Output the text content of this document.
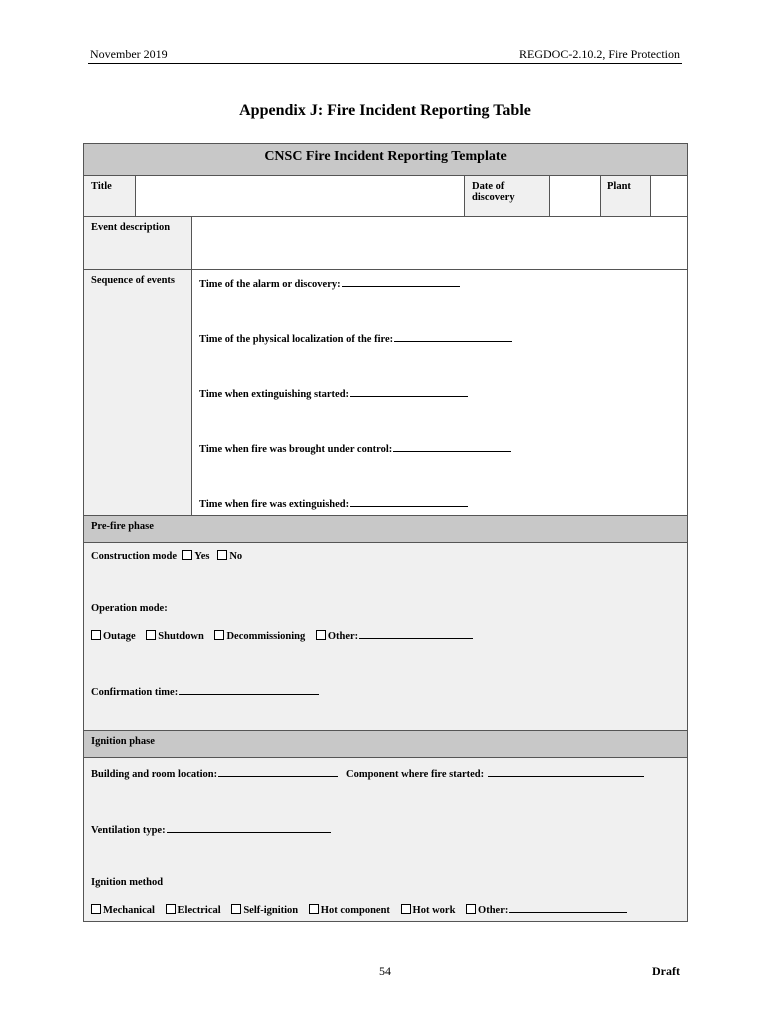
November 2019	REGDOC-2.10.2, Fire Protection
Appendix J: Fire Incident Reporting Table
CNSC Fire Incident Reporting Template					
Title			Date of discovery		Plant

Event description					
Sequence of events		Time of the alarm or discovery:
Time of the physical localization of the fire:
Time when extinguishing started:
Time when fire was brought under control:
Time when fire was extinguished:			

Pre-fire phase					

Construction mode Yes No
Operation mode:
Outage Shutdown Decommissioning Other:
Confirmation time:					

Ignition phase					

Building and room location: Component where fire started:
Ventilation type:
Ignition method
Mechanical Electrical Self-ignition Hot component Hot work Other:					
54	Draft
